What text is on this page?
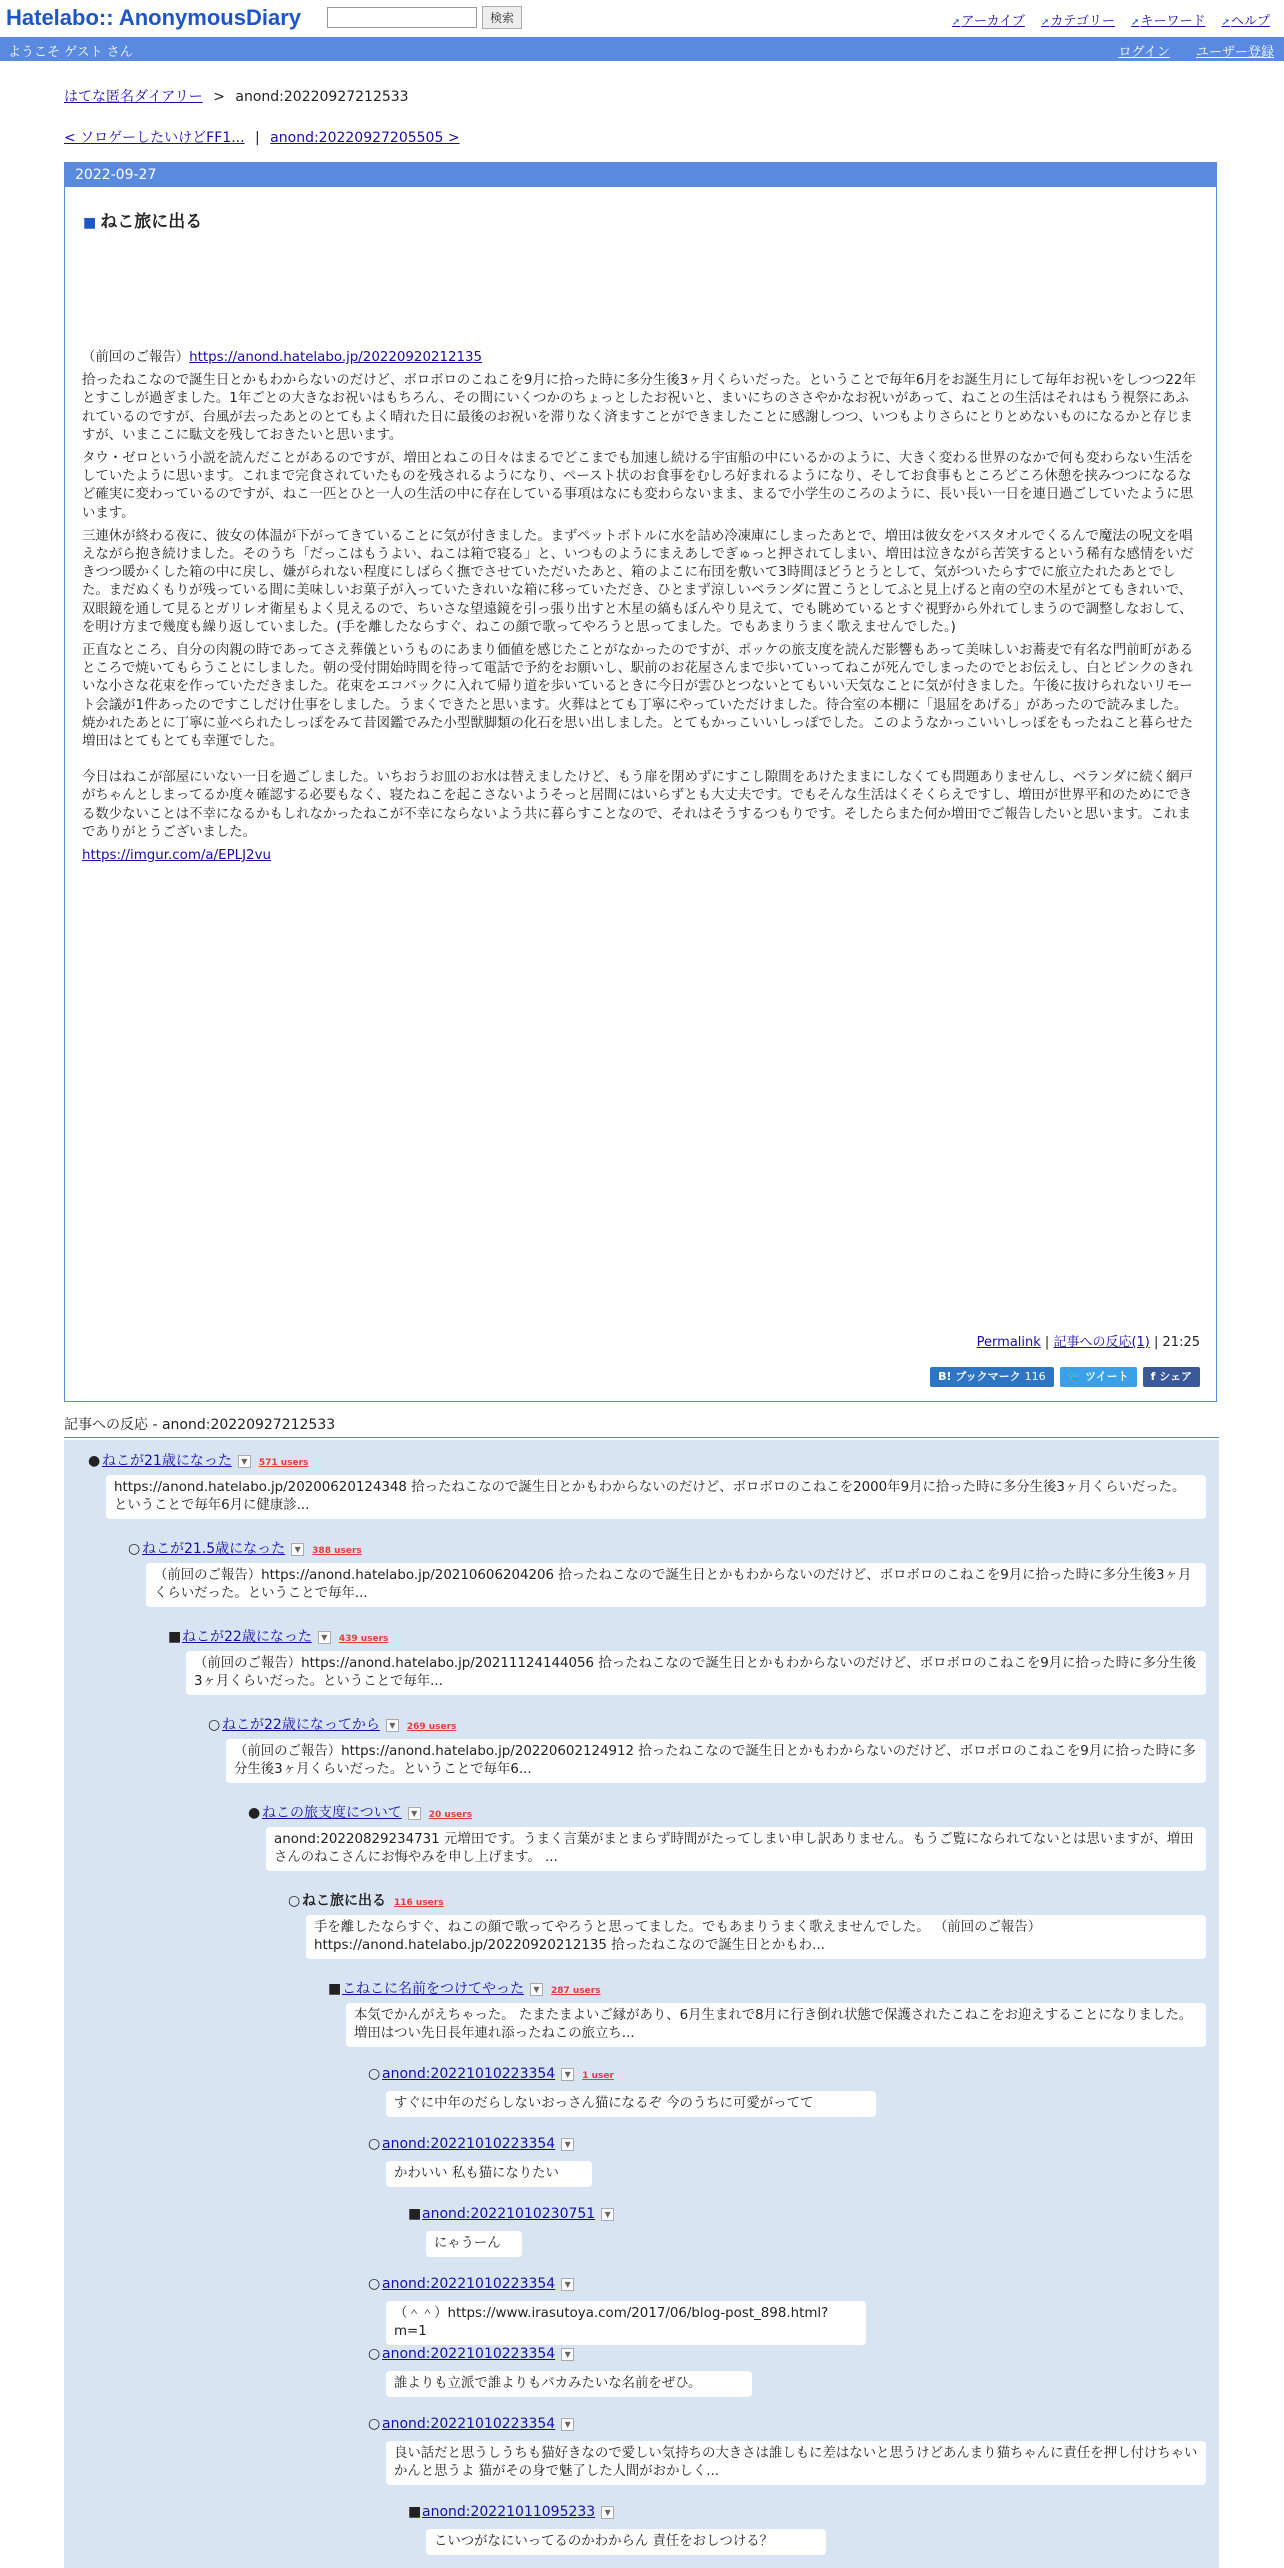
Hatelabo:: AnonymousDiary	検索	➚アーカイブ ➚カテゴリー ➚キーワード ➚ヘルプ
ようこそ ゲスト さん	ログイン ユーザー登録
はてな匿名ダイアリー > anond:20220927212533
< ソロゲーしたいけどFF1... | anond:20220927205505 >
2022-09-27
■ ねこ旅に出る

（前回のご報告）https://anond.hatelabo.jp/20220920212135

拾ったねこなので誕生日とかもわからないのだけど、ボロボロのこねこを9月に拾った時に多分生後3ヶ月くらいだった。ということで毎年6月をお誕生月にして毎年お祝いをしつつ22年とすこしが過ぎました。1年ごとの大きなお祝いはもちろん、その間にいくつかのちょっとしたお祝いと、まいにちのささやかなお祝いがあって、ねことの生活はそれはもう視祭にあふれているのですが、台風が去ったあとのとてもよく晴れた日に最後のお祝いを滞りなく済ますことができましたことに感謝しつつ、いつもよりさらにとりとめないものになるかと存じますが、いまここに駄文を残しておきたいと思います。

タウ・ゼロという小説を読んだことがあるのですが、増田とねこの日々はまるでどこまでも加速し続ける宇宙船の中にいるかのように、大きく変わる世界のなかで何も変わらない生活をしていたように思います。これまで完食されていたものを残されるようになり、ペースト状のお食事をむしろ好まれるようになり、そしてお食事もところどころ休憩を挟みつつになるなど確実に変わっているのですが、ねこ一匹とひと一人の生活の中に存在している事項はなにも変わらないまま、まるで小学生のころのように、長い長い一日を連日過ごしていたように思います。

三連休が終わる夜に、彼女の体温が下がってきていることに気が付きました。まずペットボトルに水を詰め冷凍庫にしまったあとで、増田は彼女をバスタオルでくるんで魔法の呪文を唱えながら抱き続けました。そのうち「だっこはもうよい、ねこは箱で寝る」と、いつものようにまえあしでぎゅっと押されてしまい、増田は泣きながら苦笑するという稀有な感情をいだきつつ暖かくした箱の中に戻し、嫌がられない程度にしばらく撫でさせていただいたあと、箱のよこに布団を敷いて3時間ほどうとうとして、気がついたらすでに旅立たれたあとでした。まだぬくもりが残っている間に美味しいお菓子が入っていたきれいな箱に移っていただき、ひとまず涼しいベランダに置こうとしてふと見上げると南の空の木星がとてもきれいで、双眼鏡を通して見るとガリレオ衛星もよく見えるので、ちいさな望遠鏡を引っ張り出すと木星の縞もぼんやり見えて、でも眺めているとすぐ視野から外れてしまうので調整しなおして、を明け方まで幾度も繰り返していました。(手を離したならすぐ、ねこの顔で歌ってやろうと思ってました。でもあまりうまく歌えませんでした。)

正直なところ、自分の肉親の時であってさえ葬儀というものにあまり価値を感じたことがなかったのですが、ポッケの旅支度を読んだ影響もあって美味しいお蕎麦で有名な門前町があるところで焼いてもらうことにしました。朝の受付開始時間を待って電話で予約をお願いし、駅前のお花屋さんまで歩いていってねこが死んでしまったのでとお伝えし、白とピンクのきれいな小さな花束を作っていただきました。花束をエコバックに入れて帰り道を歩いているときに今日が雲ひとつないとてもいい天気なことに気が付きました。午後に抜けられないリモート会議が1件あったのですこしだけ仕事をしました。うまくできたと思います。火葬はとても丁寧にやっていただけました。待合室の本棚に「退屈をあげる」があったので読みました。焼かれたあとに丁寧に並べられたしっぽをみて昔図鑑でみた小型獣脚類の化石を思い出しました。とてもかっこいいしっぽでした。このようなかっこいいしっぽをもったねこと暮らせた増田はとてもとても幸運でした。

今日はねこが部屋にいない一日を過ごしました。いちおうお皿のお水は替えましたけど、もう扉を閉めずにすこし隙間をあけたままにしなくても問題ありませんし、ベランダに続く網戸がちゃんとしまってるか度々確認する必要もなく、寝たねこを起こさないようそっと居間にはいらずとも大丈夫です。でもそんな生活はくそくらえですし、増田が世界平和のためにできる数少ないことは不幸になるかもしれなかったねこが不幸にならないよう共に暮らすことなので、それはそうするつもりです。そしたらまた何か増田でご報告したいと思います。これまでありがとうございました。

https://imgur.com/a/EPLJ2vu

Permalink | 記事への反応(1) | 21:25
B! ブックマーク 116	🐦 ツイート	f シェア
記事への反応 - anond:20220927212533
● ねこが21歳になった ▼ 571 users
https://anond.hatelabo.jp/20200620124348 拾ったねこなので誕生日とかもわからないのだけど、ボロボロのこねこを2000年9月に拾った時に多分生後3ヶ月くらいだった。ということで毎年6月に健康診...
○ ねこが21.5歳になった ▼ 388 users
（前回のご報告）https://anond.hatelabo.jp/20210606204206 拾ったねこなので誕生日とかもわからないのだけど、ボロボロのこねこを9月に拾った時に多分生後3ヶ月くらいだった。ということで毎年...
■ねこが22歳になった ▼ 439 users
（前回のご報告）https://anond.hatelabo.jp/20211124144056 拾ったねこなので誕生日とかもわからないのだけど、ボロボロのこねこを9月に拾った時に多分生後3ヶ月くらいだった。ということで毎年...
○ ねこが22歳になってから ▼ 269 users
（前回のご報告）https://anond.hatelabo.jp/20220602124912 拾ったねこなので誕生日とかもわからないのだけど、ボロボロのこねこを9月に拾った時に多分生後3ヶ月くらいだった。ということで毎年6...
● ねこの旅支度について ▼ 20 users
anond:20220829234731 元増田です。うまく言葉がまとまらず時間がたってしまい申し訳ありません。もうご覧になられてないとは思いますが、増田さんのねこさんにお悔やみを申し上げます。 ...
○ ねこ旅に出る 116 users
手を離したならすぐ、ねこの顔で歌ってやろうと思ってました。でもあまりうまく歌えませんでした。 （前回のご報告）https://anond.hatelabo.jp/20220920212135 拾ったねこなので誕生日とかもわ...
■こねこに名前をつけてやった ▼ 287 users
本気でかんがえちゃった。 たまたまよいご縁があり、6月生まれで8月に行き倒れ状態で保護されたこねこをお迎えすることになりました。増田はつい先日長年連れ添ったねこの旅立ち...
○ anond:20221010223354 ▼ 1 user
すぐに中年のだらしないおっさん猫になるぞ 今のうちに可愛がってて
○ anond:20221010223354 ▼
かわいい 私も猫になりたい
■anond:20221010230751 ▼
にゃうーん
○ anond:20221010223354 ▼
（＾＾）https://www.irasutoya.com/2017/06/blog-post_898.html?m=1
○ anond:20221010223354 ▼
誰よりも立派で誰よりもバカみたいな名前をぜひ。
○ anond:20221010223354 ▼
良い話だと思うしうちも猫好きなので愛しい気持ちの大きさは誰しもに差はないと思うけどあんまり猫ちゃんに責任を押し付けちゃいかんと思うよ 猫がその身で魅了した人間がおかしく...
■anond:20221011095233 ▼
こいつがなにいってるのかわからん 責任をおしつける？
